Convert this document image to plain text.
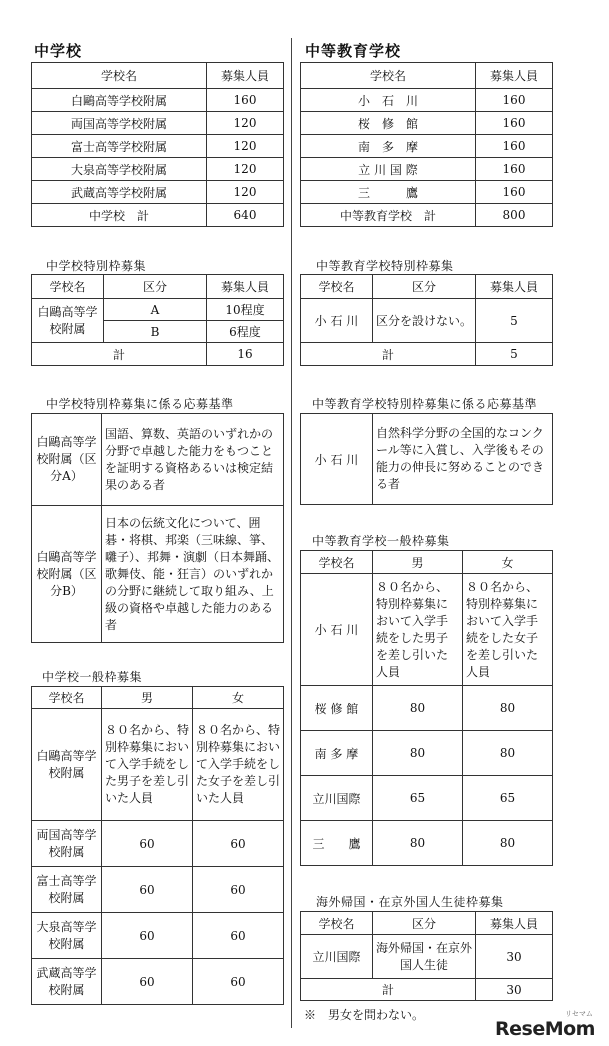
中学校
学校名	募集人員
白鷗高等学校附属	160
両国高等学校附属	120
富士高等学校附属	120
大泉高等学校附属	120
武蔵高等学校附属	120
中学校　計	640
中学校特別枠募集
学校名	区分	募集人員
白鷗高等学校附属	A	10程度
	B	6程度
計		16
中学校特別枠募集に係る応募基準
白鷗高等学校附属（区分A）	国語、算数、英語のいずれかの分野で卓越した能力をもつことを証明する資格あるいは検定結果のある者
白鷗高等学校附属（区分B）	日本の伝統文化について、囲碁・将棋、邦楽（三味線、箏、囃子）、邦舞・演劇（日本舞踊、歌舞伎、能・狂言）のいずれかの分野に継続して取り組み、上級の資格や卓越した能力のある者
中学校一般枠募集
学校名	男	女
白鷗高等学校附属	８０名から、特別枠募集において入学手続をした男子を差し引いた人員	８０名から、特別枠募集において入学手続をした女子を差し引いた人員
両国高等学校附属	60	60
富士高等学校附属	60	60
大泉高等学校附属	60	60
武蔵高等学校附属	60	60
中等教育学校
学校名	募集人員
小　石　川	160
桜　修　館	160
南　多　摩	160
立 川 国 際	160
三　　　鷹	160
中等教育学校　計	800
中等教育学校特別枠募集
学校名	区分	募集人員
小 石 川	区分を設けない。	5
計		5
中等教育学校特別枠募集に係る応募基準
小 石 川	自然科学分野の全国的なコンクール等に入賞し、入学後もその能力の伸長に努めることのできる者
中等教育学校一般枠募集
学校名	男	女
小 石 川	８０名から、特別枠募集において入学手続をした男子を差し引いた人員	８０名から、特別枠募集において入学手続をした女子を差し引いた人員
桜 修 館	80	80
南 多 摩	80	80
立川国際	65	65
三　　鷹	80	80
海外帰国・在京外国人生徒枠募集
学校名	区分	募集人員
立川国際	海外帰国・在京外国人生徒	30
計		30
※　男女を問わない。
ReseMom
リセマム
